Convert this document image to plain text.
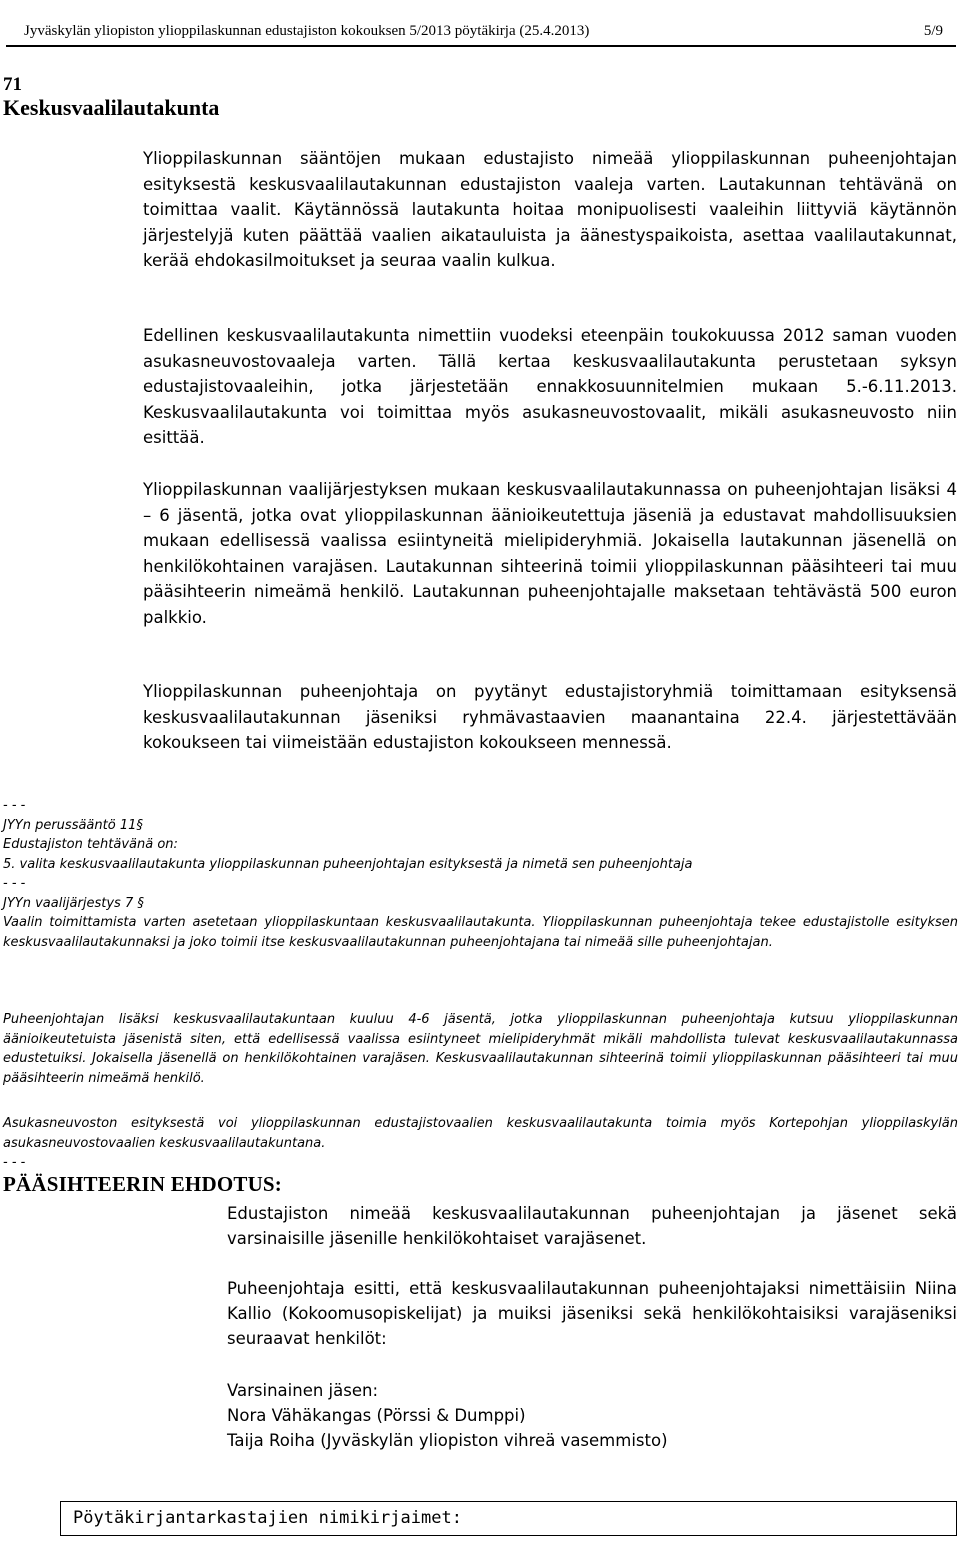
Jyväskylän yliopiston ylioppilaskunnan edustajiston kokouksen 5/2013 pöytäkirja (25.4.2013)	5/9
71
Keskusvaalilautakunta

Ylioppilaskunnan sääntöjen mukaan edustajisto nimeää ylioppilaskunnan puheenjohtajan esityksestä keskusvaalilautakunnan edustajiston vaaleja varten. Lautakunnan tehtävänä on toimittaa vaalit. Käytännössä lautakunta hoitaa monipuolisesti vaaleihin liittyviä käytännön järjestelyjä kuten päättää vaalien aikatauluista ja äänestyspaikoista, asettaa vaalilautakunnat, kerää ehdokasilmoitukset ja seuraa vaalin kulkua.

Edellinen keskusvaalilautakunta nimettiin vuodeksi eteenpäin toukokuussa 2012 saman vuoden asukasneuvostovaaleja varten. Tällä kertaa keskusvaalilautakunta perustetaan syksyn edustajistovaaleihin, jotka järjestetään ennakkosuunnitelmien mukaan 5.-6.11.2013. Keskusvaalilautakunta voi toimittaa myös asukasneuvostovaalit, mikäli asukasneuvosto niin esittää.

Ylioppilaskunnan vaalijärjestyksen mukaan keskusvaalilautakunnassa on puheenjohtajan lisäksi 4 – 6 jäsentä, jotka ovat ylioppilaskunnan äänioikeutettuja jäseniä ja edustavat mahdollisuuksien mukaan edellisessä vaalissa esiintyneitä mielipideryhmiä. Jokaisella lautakunnan jäsenellä on henkilökohtainen varajäsen. Lautakunnan sihteerinä toimii ylioppilaskunnan pääsihteeri tai muu pääsihteerin nimeämä henkilö. Lautakunnan puheenjohtajalle maksetaan tehtävästä 500 euron palkkio.

Ylioppilaskunnan puheenjohtaja on pyytänyt edustajistoryhmiä toimittamaan esityksensä keskusvaalilautakunnan jäseniksi ryhmävastaavien maanantaina 22.4. järjestettävään kokoukseen tai viimeistään edustajiston kokoukseen mennessä.

- - -
JYYn perussääntö 11§
Edustajiston tehtävänä on:
5. valita keskusvaalilautakunta ylioppilaskunnan puheenjohtajan esityksestä ja nimetä sen puheenjohtaja
- - -
JYYn vaalijärjestys 7 §
Vaalin toimittamista varten asetetaan ylioppilaskuntaan keskusvaalilautakunta. Ylioppilaskunnan puheenjohtaja tekee edustajistolle esityksen keskusvaalilautakunnaksi ja joko toimii itse keskusvaalilautakunnan puheenjohtajana tai nimeää sille puheenjohtajan.
Puheenjohtajan lisäksi keskusvaalilautakuntaan kuuluu 4-6 jäsentä, jotka ylioppilaskunnan puheenjohtaja kutsuu ylioppilaskunnan äänioikeutetuista jäsenistä siten, että edellisessä vaalissa esiintyneet mielipideryhmät mikäli mahdollista tulevat keskusvaalilautakunnassa edustetuiksi. Jokaisella jäsenellä on henkilökohtainen varajäsen. Keskusvaalilautakunnan sihteerinä toimii ylioppilaskunnan pääsihteeri tai muu pääsihteerin nimeämä henkilö.
Asukasneuvoston esityksestä voi ylioppilaskunnan edustajistovaalien keskusvaalilautakunta toimia myös Kortepohjan ylioppilaskylän asukasneuvostovaalien keskusvaalilautakuntana.
- - -
PÄÄSIHTEERIN EHDOTUS:

Edustajiston nimeää keskusvaalilautakunnan puheenjohtajan ja jäsenet sekä varsinaisille jäsenille henkilökohtaiset varajäsenet.

Puheenjohtaja esitti, että keskusvaalilautakunnan puheenjohtajaksi nimettäisiin Niina Kallio (Kokoomusopiskelijat) ja muiksi jäseniksi sekä henkilökohtaisiksi varajäseniksi seuraavat henkilöt:

Varsinainen jäsen:
Nora Vähäkangas (Pörssi & Dumppi)
Taija Roiha (Jyväskylän yliopiston vihreä vasemmisto)
Pöytäkirjantarkastajien nimikirjaimet:
